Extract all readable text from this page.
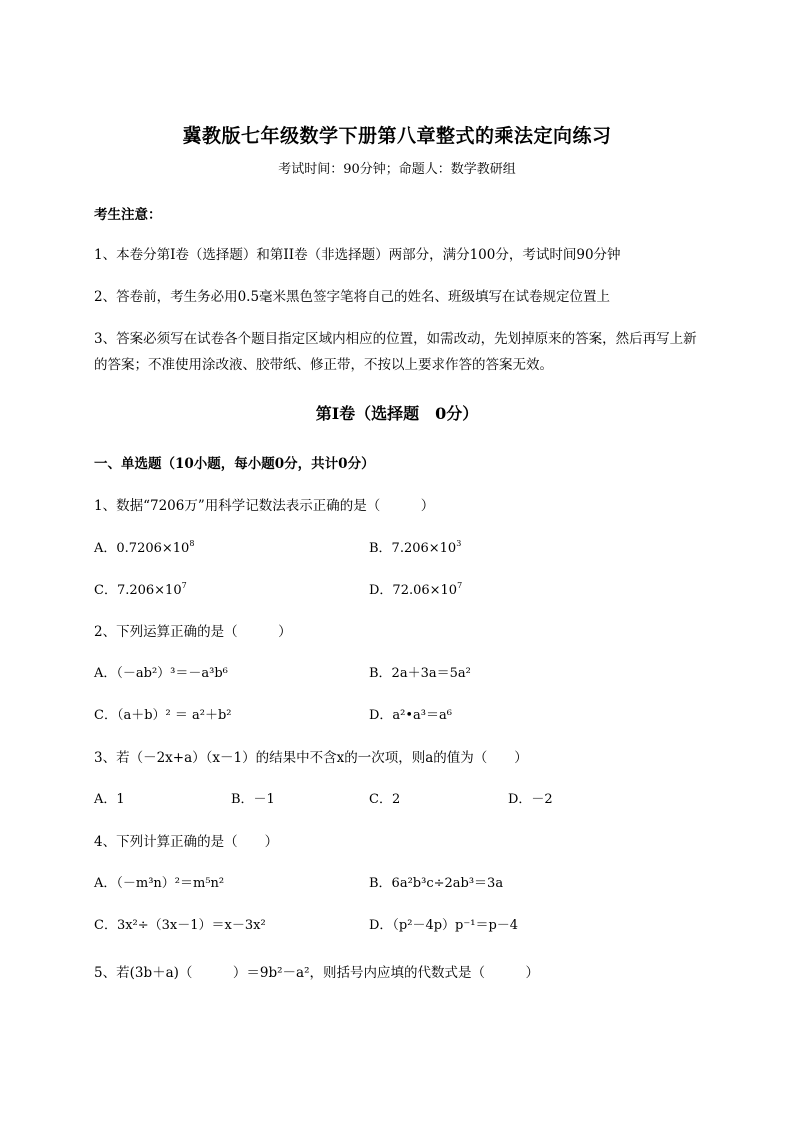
冀教版七年级数学下册第八章整式的乘法定向练习
考试时间：90分钟；命题人：数学教研组
考生注意：
1、本卷分第I卷（选择题）和第II卷（非选择题）两部分，满分100分，考试时间90分钟
2、答卷前，考生务必用0.5毫米黑色签字笔将自己的姓名、班级填写在试卷规定位置上
3、答案必须写在试卷各个题目指定区域内相应的位置，如需改动，先划掉原来的答案，然后再写上新
的答案；不准使用涂改液、胶带纸、修正带，不按以上要求作答的答案无效。
第I卷（选择题　0分）
一、单选题（10小题，每小题0分，共计0分）
1、数据“7206万”用科学记数法表示正确的是（　　　）
A．$0.7206\times 10^8$	B．$7.206\times 10^3$
C．$7.206\times 10^7$	D．$72.06\times 10^7$
2、下列运算正确的是（　　　）
A．（－ab²）³＝－a³b⁶	B．2a＋3a＝5a²
C．（a＋b）² ＝ a²＋b²	D．a²•a³＝a⁶
3、若（－2x+a）（x－1）的结果中不含x的一次项，则a的值为（　　）
A．1	B．－1	C．2	D．－2
4、下列计算正确的是（　　）
A．（－m³n）²＝m⁵n²	B．6a²b³c÷2ab³＝3a
C．3x²÷（3x－1）＝x－3x²	D．（p²－4p）p⁻¹＝p－4
5、若(3b＋a)（　　　）＝9b²－a²，则括号内应填的代数式是（　　　）
